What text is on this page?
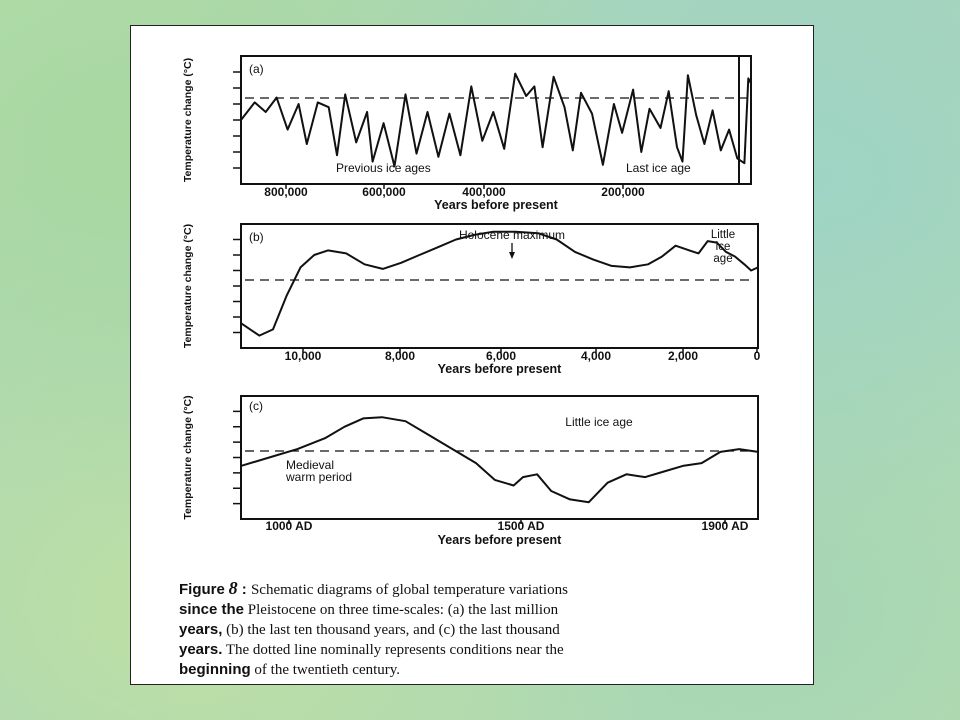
(a)
800,000	600,000	400,000	200,000
Years before present
Temperature change (°C)	Previous ice ages	Last ice age
(b)
10,000	8,000	6,000	4,000	2,000	0
Years before present
Temperature change (°C)	Holocene maximum	Little ice age
(c)
1000 AD	1500 AD	1900 AD
Years before present
Temperature change (°C)	Little ice age
Medieval warm period
Figure 8 : Schematic diagrams of global temperature variations
since the Pleistocene on three time-scales: (a) the last million
years, (b) the last ten thousand years, and (c) the last thousand
years. The dotted line nominally represents conditions near the
beginning of the twentieth century.
